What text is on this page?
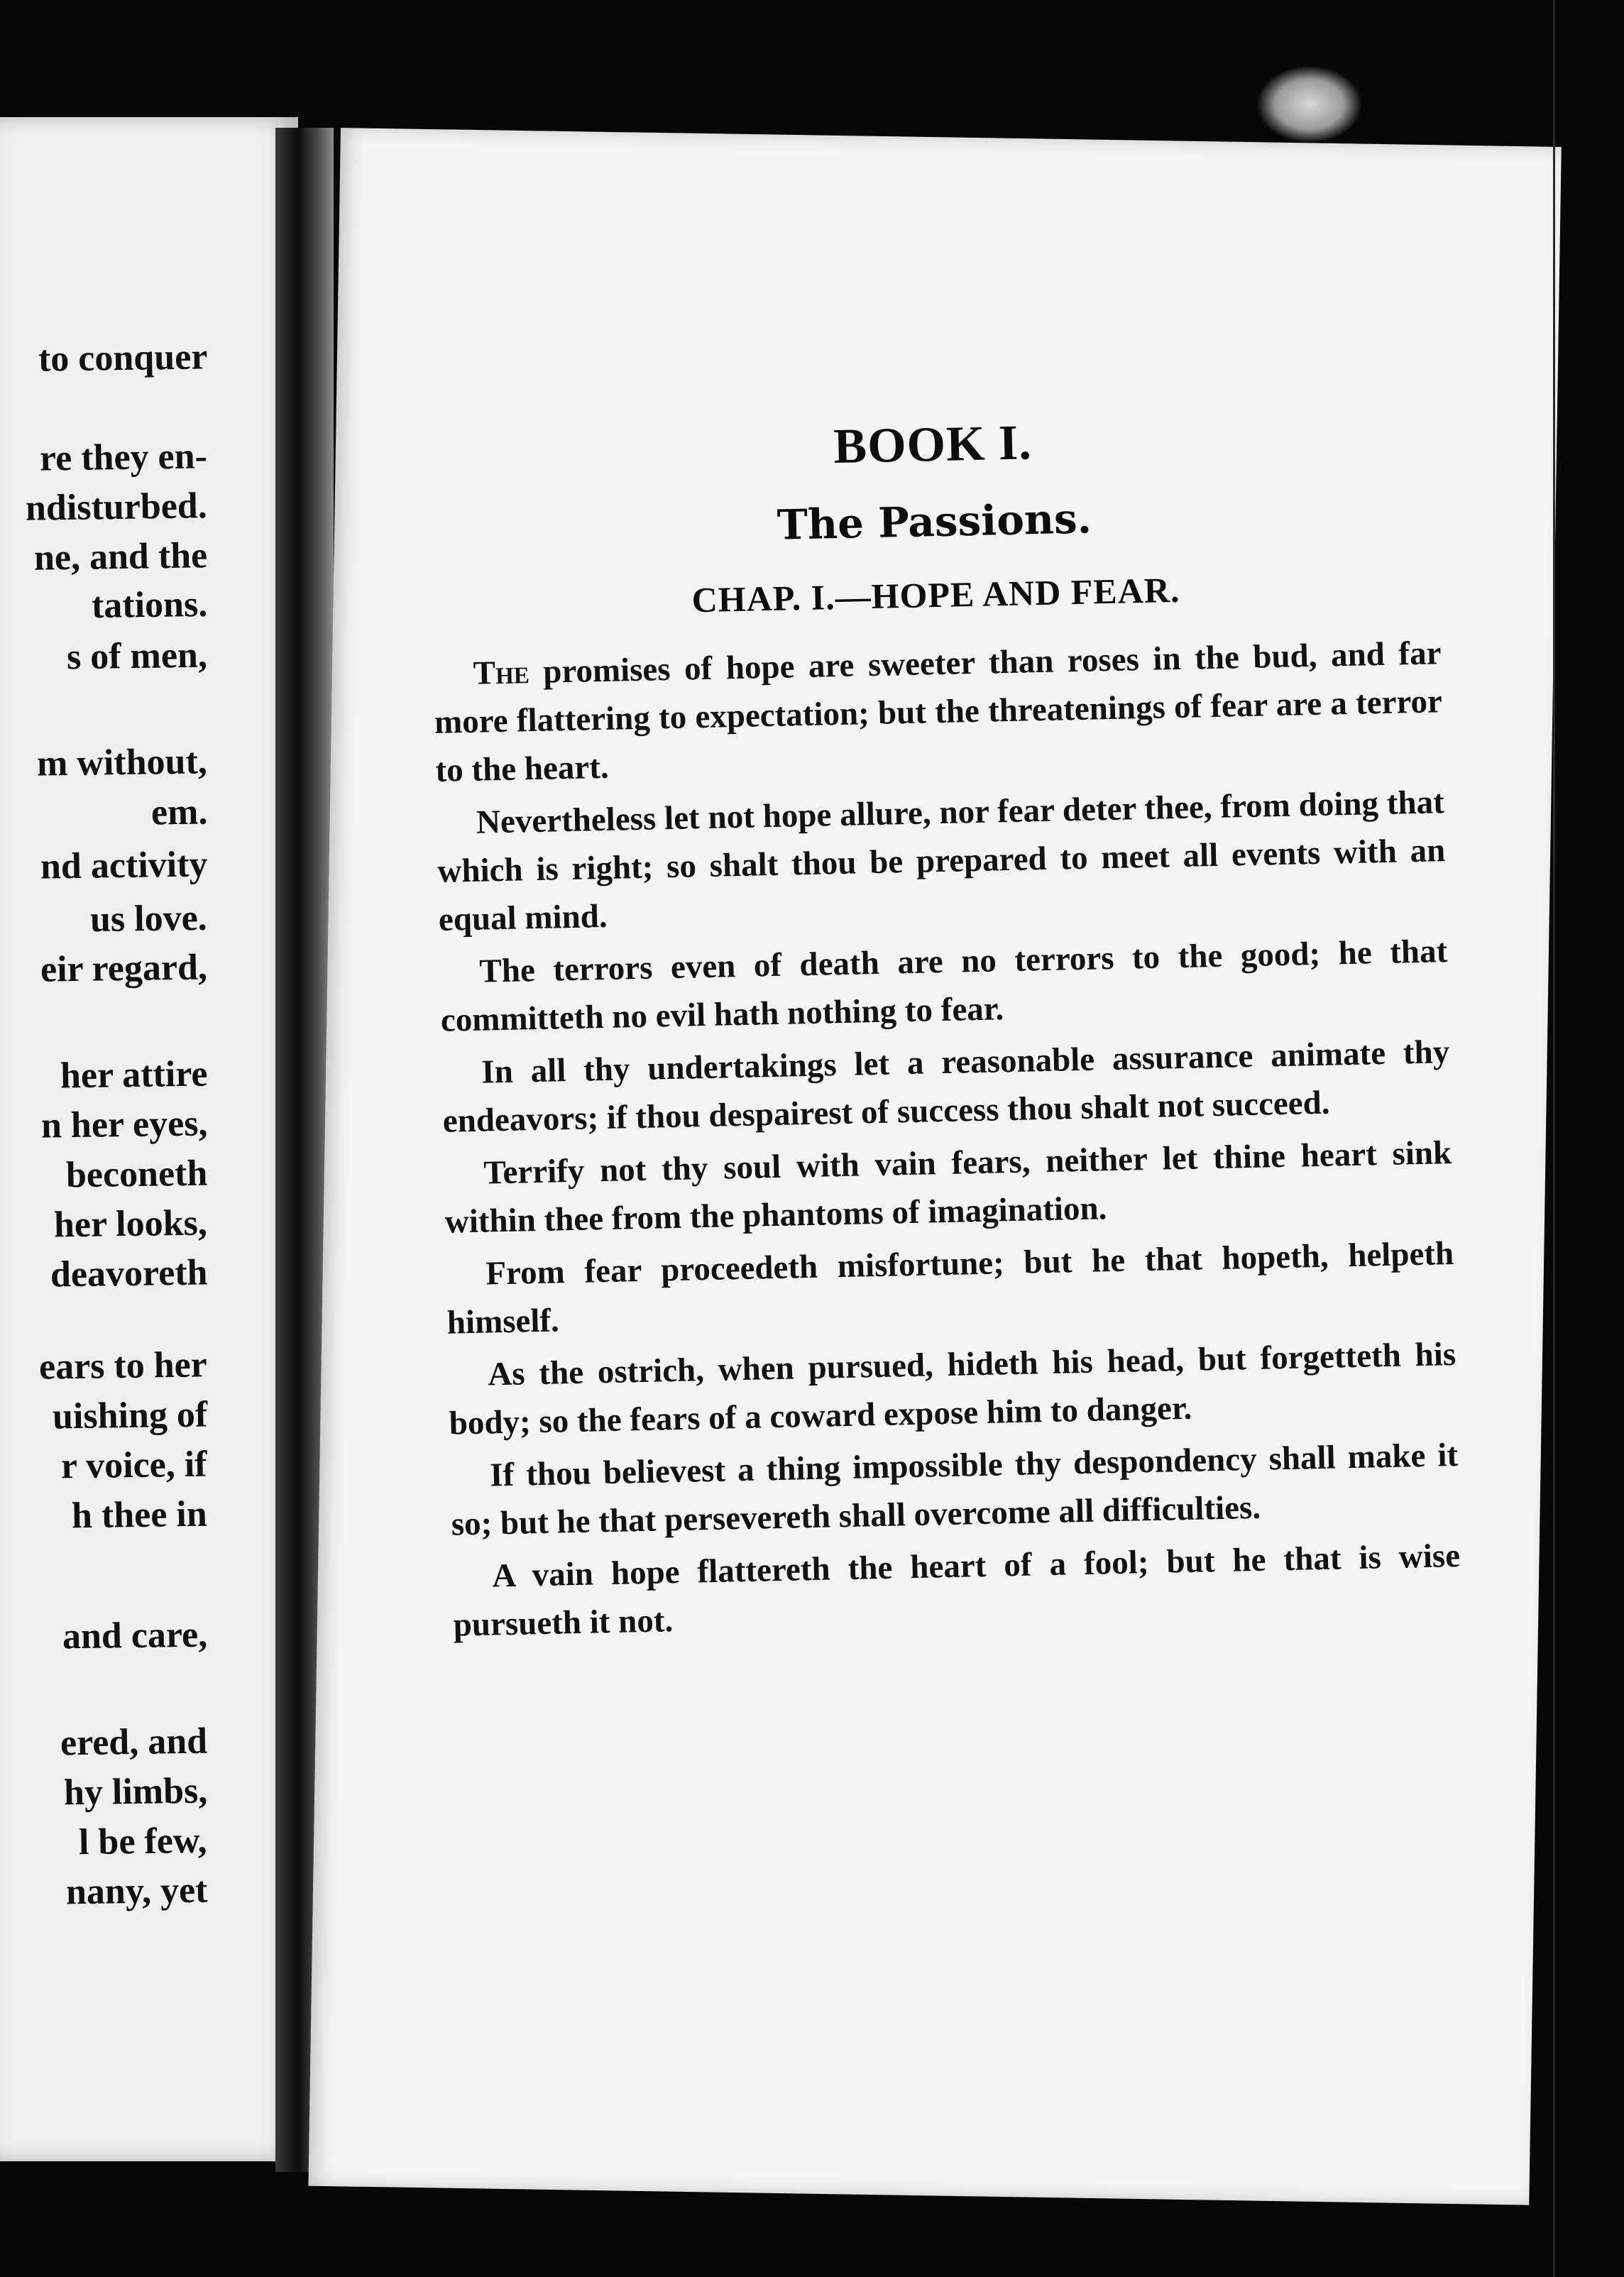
to conquer
re they en-
ndisturbed.
ne, and the
tations.
s of men,
m without,
em.
nd activity
us love.
eir regard,
her attire
n her eyes,
beconeth
her looks,
deavoreth
ears to her
uishing of
r voice, if
h thee in
and care,
ered, and
hy limbs,
l be few,
nany, yet
BOOK I.
The Passions.
CHAP. I.—HOPE AND FEAR.

The promises of hope are sweeter than roses in the bud, and far more flattering to expectation; but the threatenings of fear are a terror to the heart.

Nevertheless let not hope allure, nor fear deter thee, from doing that which is right; so shalt thou be prepared to meet all events with an equal mind.

The terrors even of death are no terrors to the good; he that committeth no evil hath nothing to fear.

In all thy undertakings let a reasonable assurance animate thy endeavors; if thou despairest of success thou shalt not succeed.

Terrify not thy soul with vain fears, neither let thine heart sink within thee from the phantoms of imagination.

From fear proceedeth misfortune; but he that hopeth, helpeth himself.

As the ostrich, when pursued, hideth his head, but forgetteth his body; so the fears of a coward expose him to danger.

If thou believest a thing impossible thy despondency shall make it so; but he that persevereth shall overcome all difficulties.

A vain hope flattereth the heart of a fool; but he that is wise pursueth it not.
